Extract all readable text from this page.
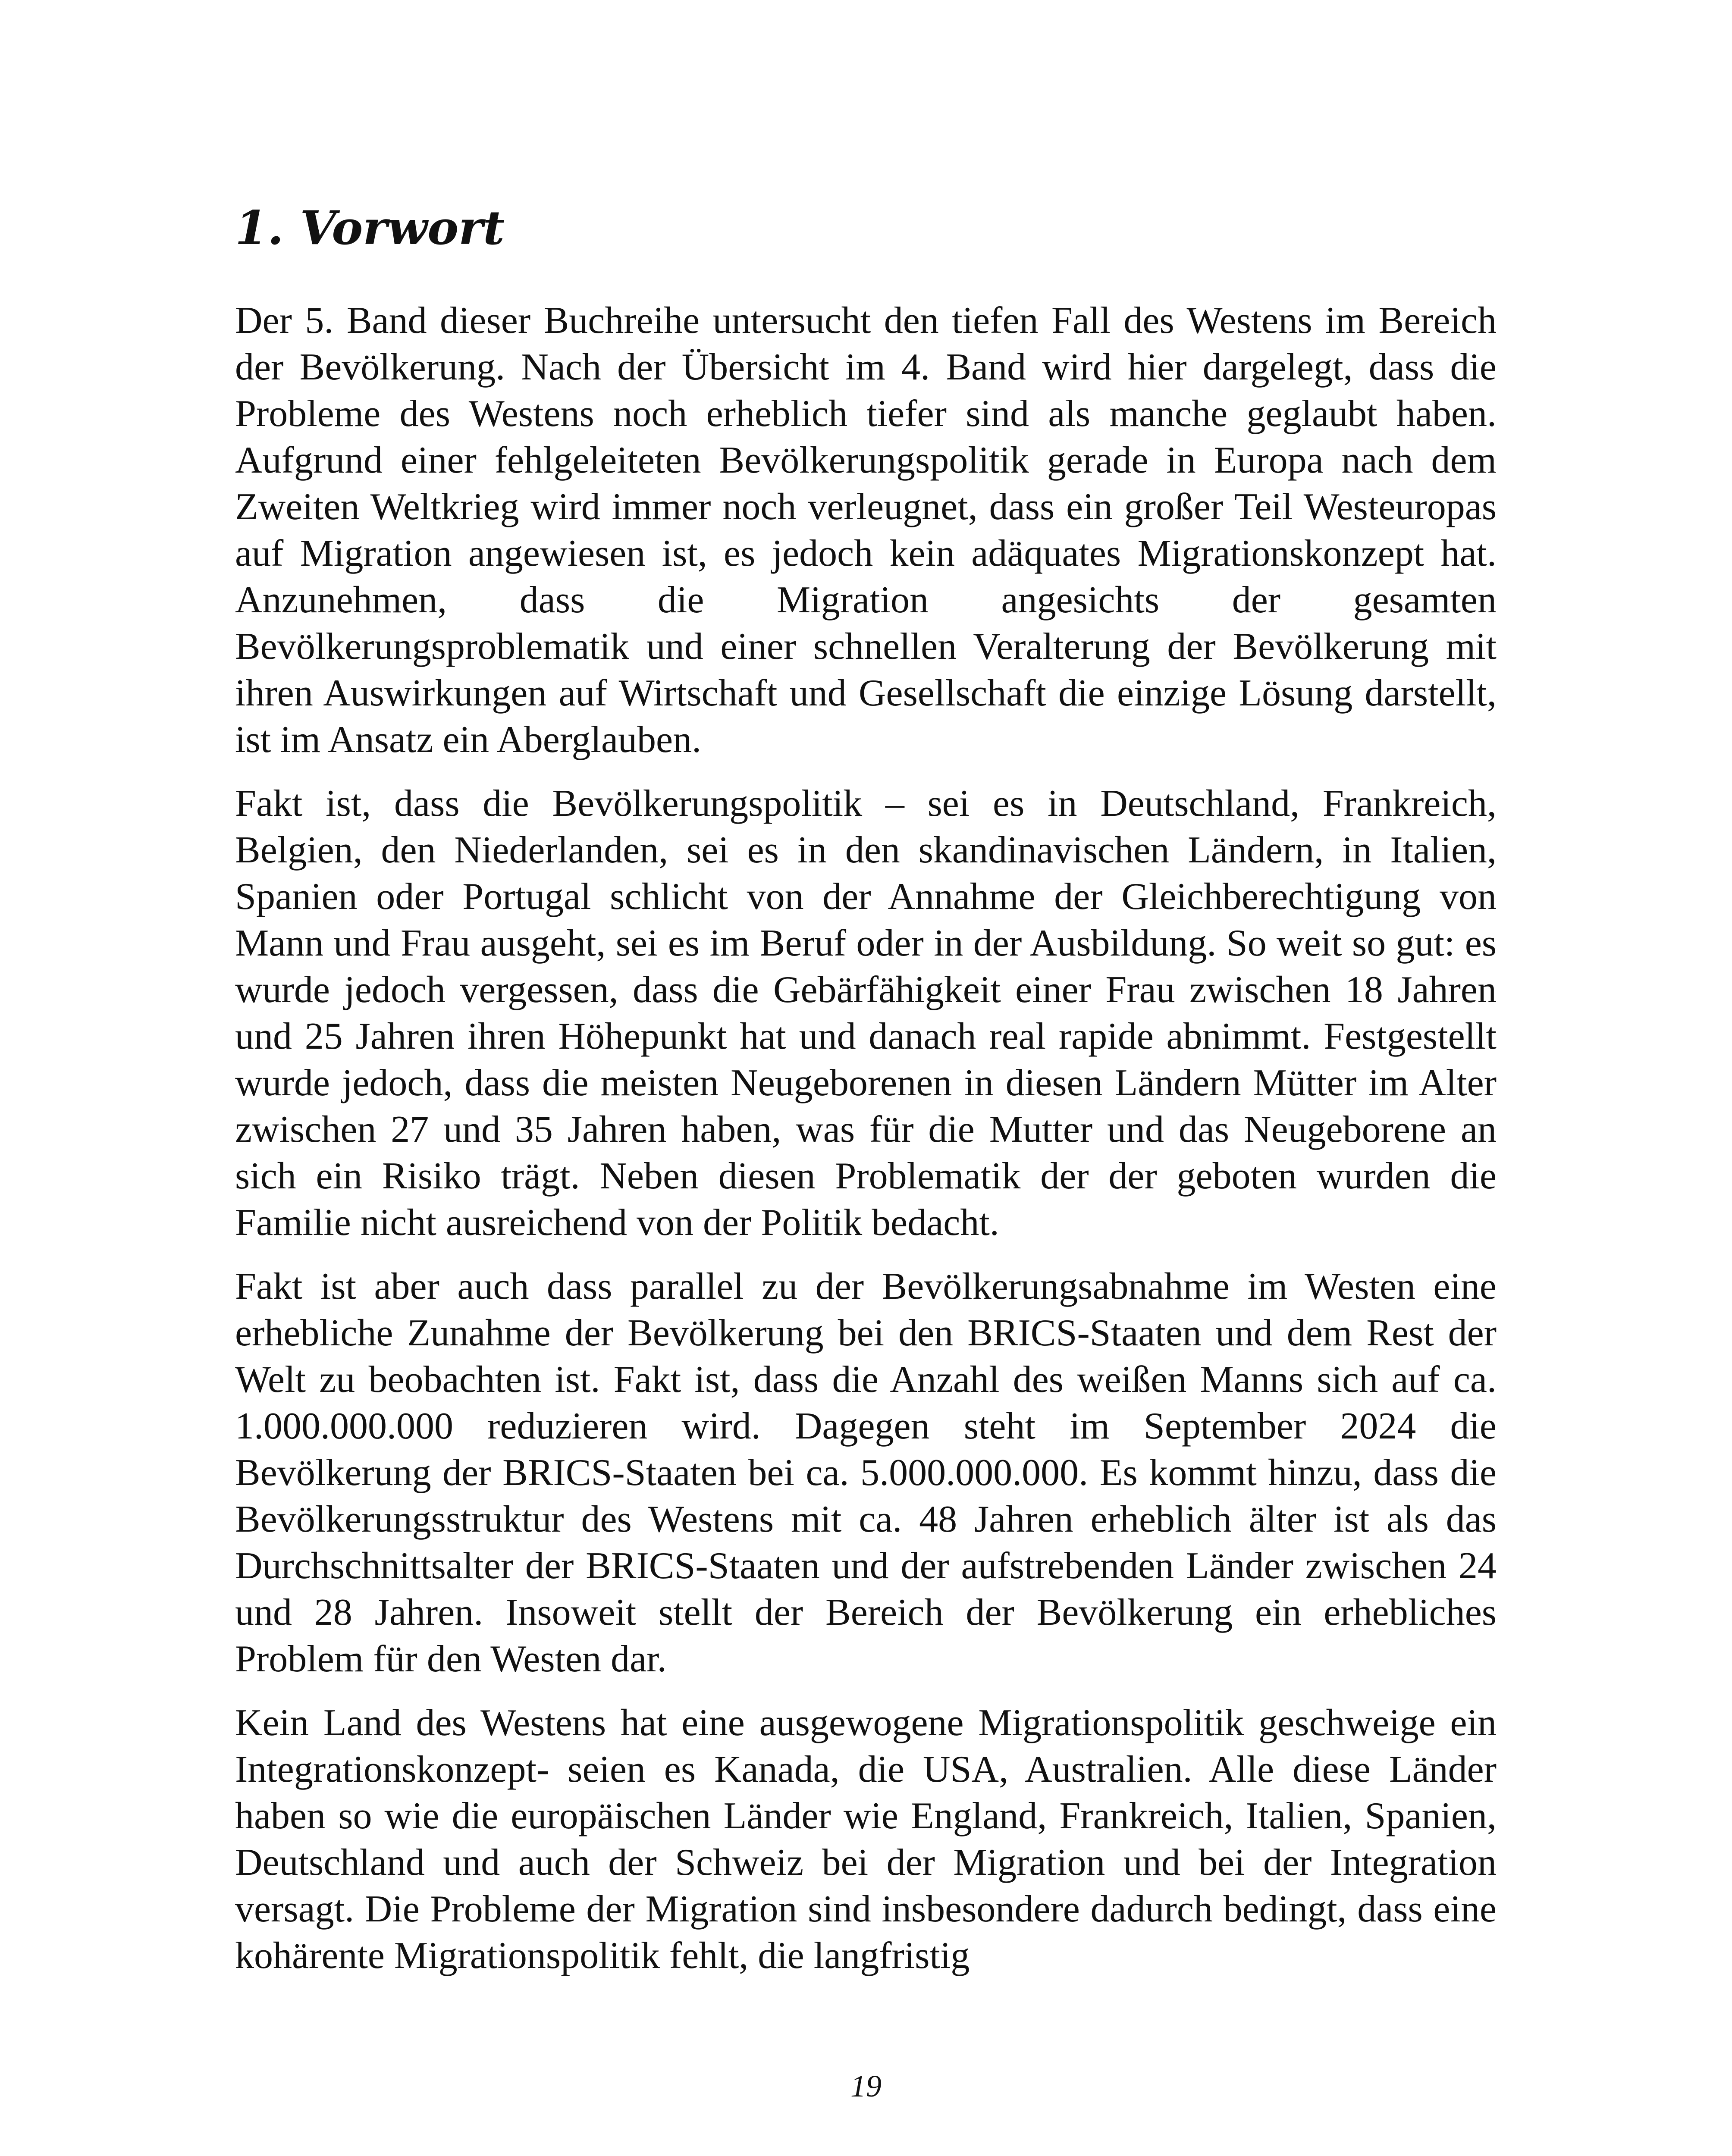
1. Vorwort

Der 5. Band dieser Buchreihe untersucht den tiefen Fall des Westens im Bereich der Bevölkerung. Nach der Übersicht im 4. Band wird hier dargelegt, dass die Probleme des Westens noch erheblich tiefer sind als manche geglaubt haben. Aufgrund einer fehlgeleiteten Bevölkerungspolitik gerade in Europa nach dem Zweiten Weltkrieg wird immer noch verleugnet, dass ein großer Teil Westeuropas auf Migration angewiesen ist, es jedoch kein adäquates Migrationskonzept hat. Anzunehmen, dass die Migration angesichts der gesamten Bevölkerungsproblematik und einer schnellen Veralterung der Bevölkerung mit ihren Auswirkungen auf Wirtschaft und Gesellschaft die einzige Lösung darstellt, ist im Ansatz ein Aberglauben.

Fakt ist, dass die Bevölkerungspolitik – sei es in Deutschland, Frankreich, Belgien, den Niederlanden, sei es in den skandinavischen Ländern, in Italien, Spanien oder Portugal schlicht von der Annahme der Gleichberechtigung von Mann und Frau ausgeht, sei es im Beruf oder in der Ausbildung. So weit so gut: es wurde jedoch vergessen, dass die Gebärfähigkeit einer Frau zwischen 18 Jahren und 25 Jahren ihren Höhepunkt hat und danach real rapide abnimmt. Festgestellt wurde jedoch, dass die meisten Neugeborenen in diesen Ländern Mütter im Alter zwischen 27 und 35 Jahren haben, was für die Mutter und das Neugeborene an sich ein Risiko trägt. Neben diesen Problematik der der geboten wurden die Familie nicht ausreichend von der Politik bedacht.

Fakt ist aber auch dass parallel zu der Bevölkerungsabnahme im Westen eine erhebliche Zunahme der Bevölkerung bei den BRICS-Staaten und dem Rest der Welt zu beobachten ist. Fakt ist, dass die Anzahl des weißen Manns sich auf ca. 1.000.000.000 reduzieren wird. Dagegen steht im September 2024 die Bevölkerung der BRICS-Staaten bei ca. 5.000.000.000. Es kommt hinzu, dass die Bevölkerungsstruktur des Westens mit ca. 48 Jahren erheblich älter ist als das Durchschnittsalter der BRICS-Staaten und der aufstrebenden Länder zwischen 24 und 28 Jahren. Insoweit stellt der Bereich der Bevölkerung ein erhebliches Problem für den Westen dar.

Kein Land des Westens hat eine ausgewogene Migrationspolitik geschweige ein Integrationskonzept- seien es Kanada, die USA, Australien. Alle diese Länder haben so wie die europäischen Länder wie England, Frankreich, Italien, Spanien, Deutschland und auch der Schweiz bei der Migration und bei der Integration versagt. Die Probleme der Migration sind insbesondere dadurch bedingt, dass eine kohärente Migrationspolitik fehlt, die langfristig

19
